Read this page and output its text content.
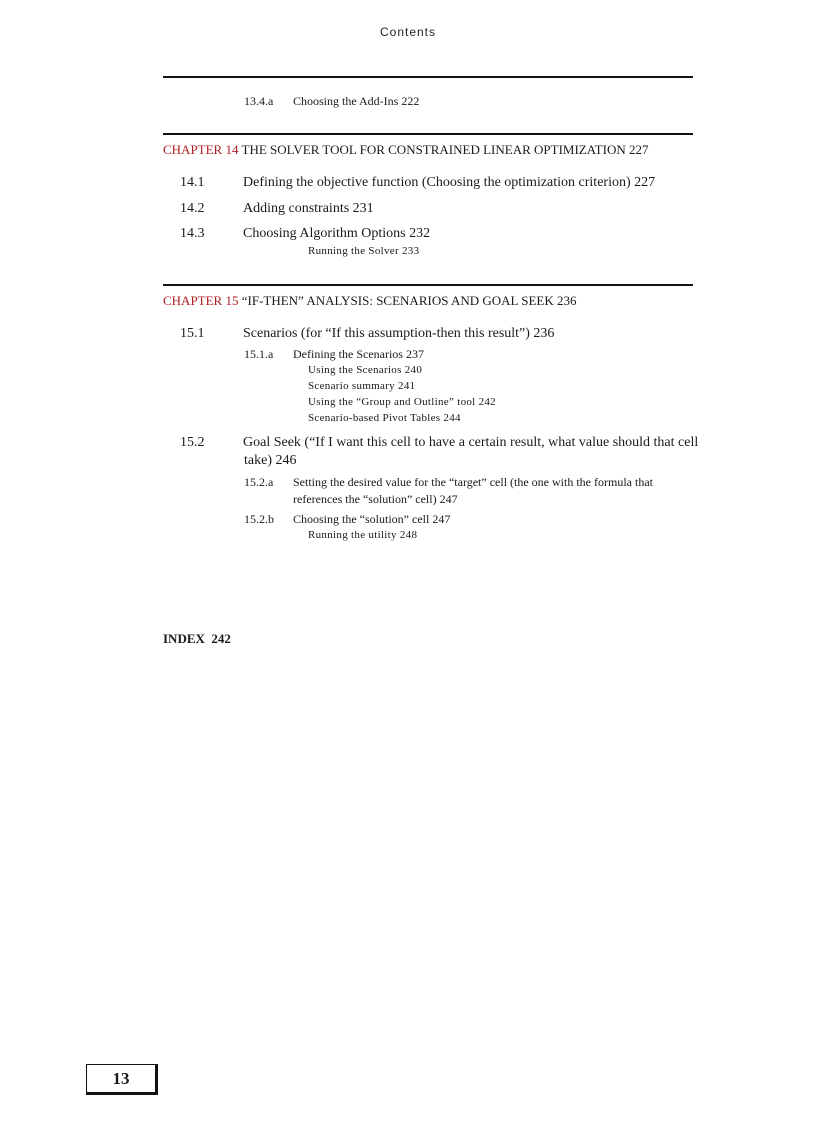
Contents
13.4.a Choosing the Add-Ins 222
CHAPTER 14 THE SOLVER TOOL FOR CONSTRAINED LINEAR OPTIMIZATION 227
14.1	Defining the objective function (Choosing the optimization criterion) 227
14.2	Adding constraints 231
14.3	Choosing Algorithm Options 232
Running the Solver 233
CHAPTER 15 “IF-THEN” ANALYSIS: SCENARIOS AND GOAL SEEK 236
15.1	Scenarios (for “If this assumption-then this result”) 236
15.1.a Defining the Scenarios 237
Using the Scenarios 240
Scenario summary 241
Using the “Group and Outline” tool 242
Scenario-based Pivot Tables 244
15.2	Goal Seek (“If I want this cell to have a certain result, what value should that cell
take) 246
15.2.a Setting the desired value for the “target” cell (the one with the formula that
references the “solution” cell) 247
15.2.b Choosing the “solution” cell 247
Running the utility 248
INDEX 242
13
